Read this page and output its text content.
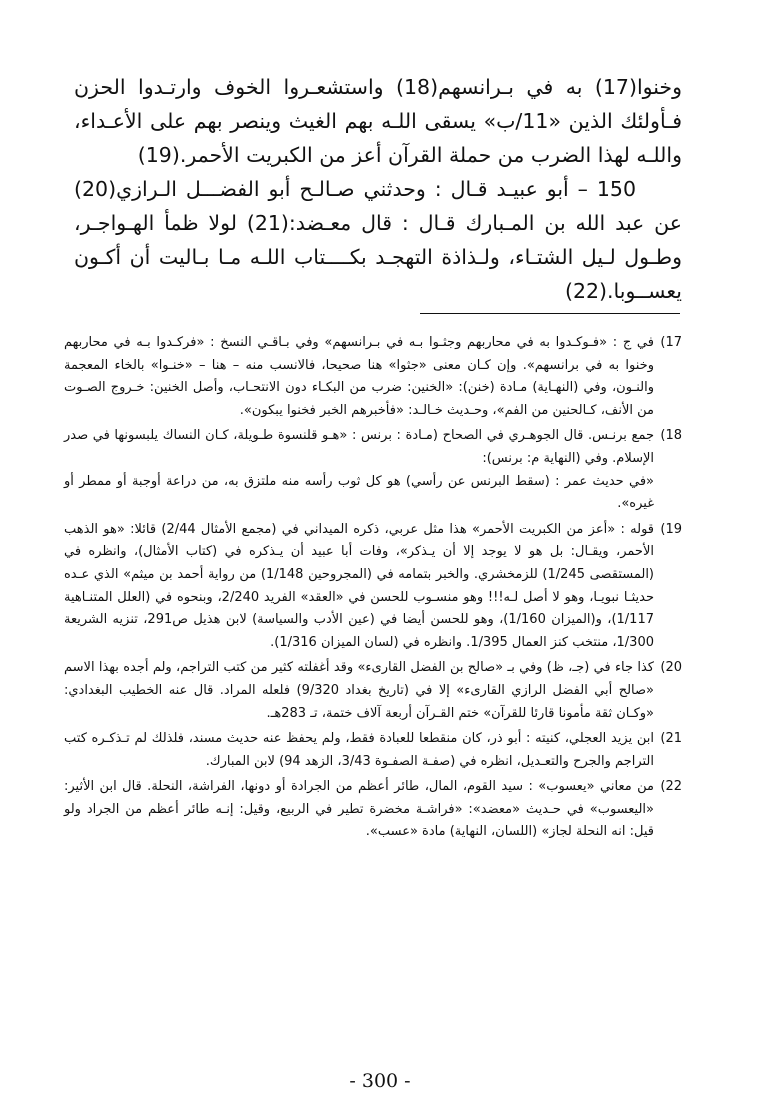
وخنوا(17) به في بـرانسهم(18) واستشعـروا الخوف وارتـدوا الحزن فـأولئك الذين «11/ب» يسقى اللـه بهم الغيث وينصر بهم على الأعـداء، واللـه لهذا الضرب من حملة القرآن أعز من الكبريت الأحمر.(19)

150 – أبو عبيـد قـال : وحدثني صـالـح أبو الفضـــل الـرازي(20) عن عبد الله بن المـبارك قـال : قال معـضد:(21) لولا ظمأ الهـواجـر، وطـول لـيل الشتـاء، ولـذاذة التهجـد بكــــتاب اللـه مـا بـاليت أن أكـون يعســوبا.(22)

17)

في ج : «فـوكـدوا به في محاربهم وجثـوا بـه في بـرانسهم» وفي بـاقـي النسخ : «فركـدوا بـه في محاربهم وخنوا به في برانسهم». وإن كـان معنى «جثوا» هنا صحيحا، فالانسب منه – هنا – «خنـوا» بالخاء المعجمة والنـون، وفي (النهـاية) مـادة (خنن): «الخنين: ضرب من البكـاء دون الانتحـاب، وأصل الخنين: خـروج الصـوت من الأنف، كـالحنين من الفم»، وحـديث خـالـد: «فأخبرهم الخبر فخنوا يبكون».

18)

جمع برنـس. قال الجوهـري في الصحاح (مـادة : برنس : «هـو قلنسوة طـويلة، كـان النساك يلبسونها في صدر الإسلام. وفي (النهاية م: برنس):

«في حديث عمر : (سقط البرنس عن رأسي) هو كل ثوب رأسه منه ملتزق به، من دراعة أوجبة أو ممطر أو غيره».

19)

قوله : «أعز من الكبريت الأحمر» هذا مثل عربي، ذكره الميداني في (مجمع الأمثال 2/44) قائلا: «هو الذهب الأحمر، ويقـال: بل هو لا يوجد إلا أن يـذكر»، وفات أبا عبيد أن يـذكره في (كتاب الأمثال)، وانظره في (المستقصى 1/245) للزمخشري. والخبر بتمامه في (المجروحين 1/148) من رواية أحمد بن ميثم» الذي عـده حديثـا نبويـا، وهو لا أصل لـه!!! وهو منسـوب للحسن في «العقد» الفريد 2/240، وبنحوه في (العلل المتنـاهية 1/117)، و(الميزان 1/160)، وهو للحسن أيضا في (عين الأدب والسياسة) لابن هذيل ص291، تنزيه الشريعة 1/300، منتخب كنز العمال 1/395. وانظره في (لسان الميزان 1/316).

20)

كذا جاء في (جـ، ظ) وفي بـ «صالح بن الفضل القارىء» وقد أغفلته كثير من كتب التراجم، ولم أجده بهذا الاسم «صالح أبي الفضل الرازي القارىء» إلا في (تاريخ بغداد 9/320) فلعله المراد. قال عنه الخطيب البغدادي: «وكـان ثقة مأمونا قارئا للقرآن» ختم القـرآن أربعة آلاف ختمة، تـ 283هـ.

21)

ابن يزيد العجلي، كنيته : أبو ذر، كان منقطعا للعبادة فقط، ولم يحفظ عنه حديث مسند، فلذلك لم تـذكـره كتب التراجم والجرح والتعـديل، انظره في (صفـة الصفـوة 3/43، الزهد 94) لابن المبارك.

22)

من معاني «يعسوب» : سيد القوم، المال، طائر أعظم من الجرادة أو دونها، الفراشة، النحلة. قال ابن الأثير: «اليعسوب» في حـديث «معضد»: «فراشـة مخضرة تطير في الربيع، وقيل: إنـه طائر أعظم من الجراد ولو قيل: انه النحلة لجاز» (اللسان، النهاية) مادة «عسب».

- 300 -
